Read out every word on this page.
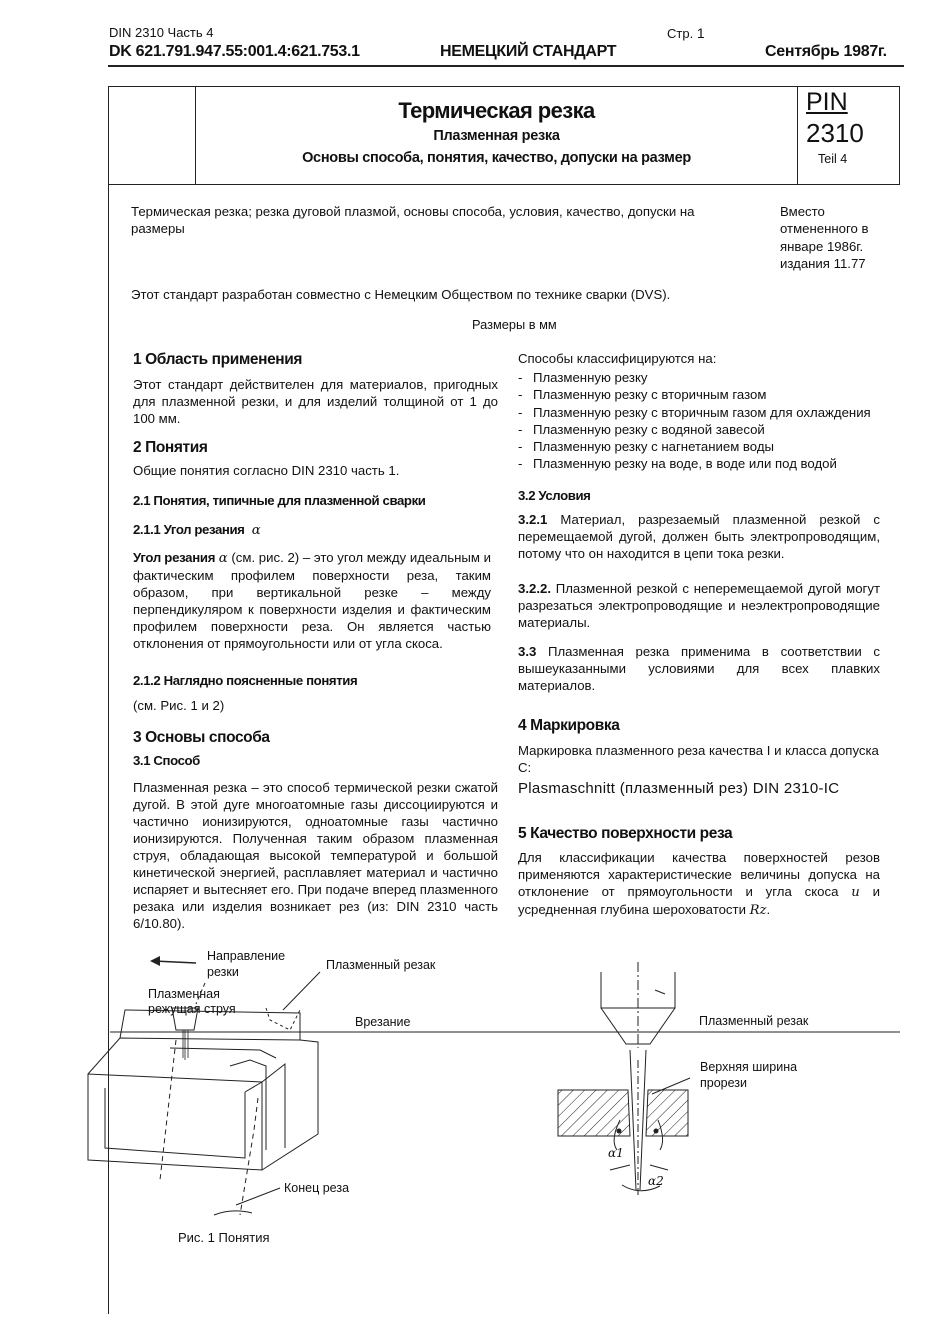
DIN 2310 Часть 4	Стр. 1
DK 621.791.947.55:001.4:621.753.1	НЕМЕЦКИЙ СТАНДАРТ	Сентябрь 1987г.
Термическая резка
Плазменная резка
Основы способа, понятия, качество, допуски на размер
PIN
2310
Teil 4
Термическая резка; резка дуговой плазмой, основы способа, условия, качество, допуски на размеры
Вместо
отмененного в
январе 1986г.
издания 11.77
Этот стандарт разработан совместно с Немецким Обществом по технике сварки (DVS).
Размеры в мм
1 Область применения
Этот стандарт действителен для материалов, пригодных для плазменной резки, и для изделий толщиной от 1 до 100 мм.
2 Понятия
Общие понятия согласно DIN 2310 часть 1.
2.1 Понятия, типичные для плазменной сварки
2.1.1 Угол резания α
Угол резания α (см. рис. 2) – это угол между идеальным и фактическим профилем поверхности реза, таким образом, при вертикальной резке – между перпендикуляром к поверхности изделия и фактическим профилем поверхности реза. Он является частью отклонения от прямоугольности или от угла скоса.
2.1.2 Наглядно поясненные понятия
(см. Рис. 1 и 2)
3 Основы способа
3.1 Способ
Плазменная резка – это способ термической резки сжатой дугой. В этой дуге многоатомные газы диссоциируются и частично ионизируются, одноатомные газы частично ионизируются. Полученная таким образом плазменная струя, обладающая высокой температурой и большой кинетической энергией, расплавляет материал и частично испаряет и вытесняет его. При подаче вперед плазменного резака или изделия возникает рез (из: DIN 2310 часть 6/10.80).
Способы классифицируются на:
- Плазменную резку
- Плазменную резку с вторичным газом
- Плазменную резку с вторичным газом для охлаждения
- Плазменную резку с водяной завесой
- Плазменную резку с нагнетанием воды
- Плазменную резку на воде, в воде или под водой
3.2 Условия
3.2.1 Материал, разрезаемый плазменной резкой с перемещаемой дугой, должен быть электропроводящим, потому что он находится в цепи тока резки.
3.2.2. Плазменной резкой с неперемещаемой дугой могут разрезаться электропроводящие и неэлектропроводящие материалы.
3.3 Плазменная резка применима в соответствии с вышеуказанными условиями для всех плавких материалов.
4 Маркировка
Маркировка плазменного реза качества I и класса допуска С:
Plasmaschnitt (плазменный рез) DIN 2310-IC
5 Качество поверхности реза
Для классификации качества поверхностей резов применяются характеристические величины допуска на отклонение от прямоугольности и угла скоса u и усредненная глубина шероховатости Rz.
Направление
резки	Плазменный резак
Плазменная
режущая струя
Врезание
Конец реза
Рис. 1 Понятия
Плазменный резак
Верхняя ширина
прорези
α1
α2
